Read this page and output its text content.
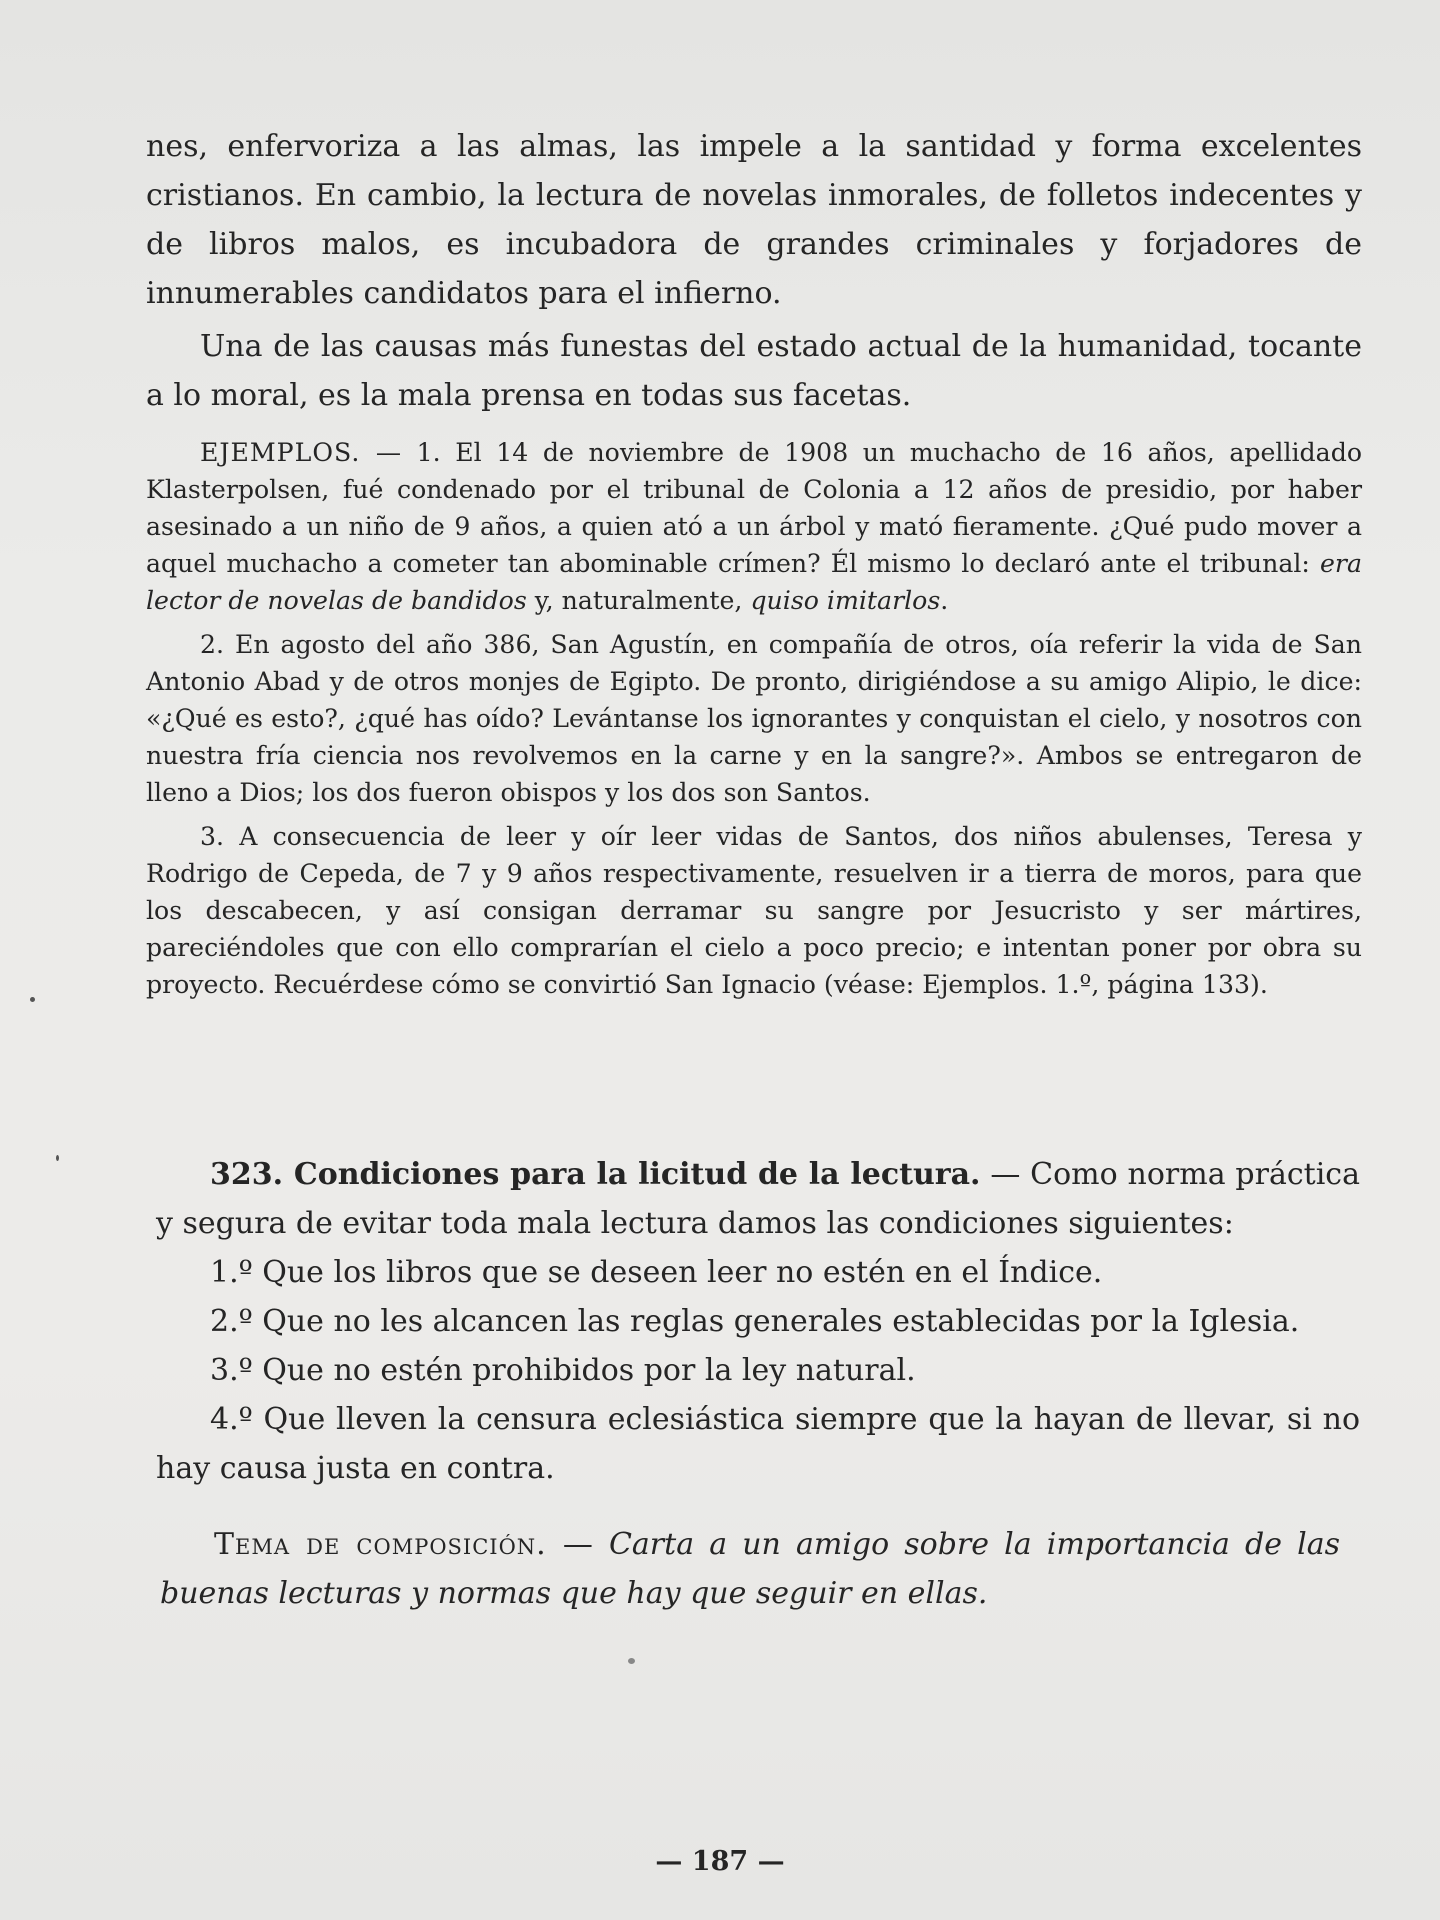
nes, enfervoriza a las almas, las impele a la santidad y forma excelentes cristianos. En cambio, la lectura de novelas inmorales, de folletos indecentes y de libros malos, es incubadora de grandes criminales y forjadores de innumerables candidatos para el infierno.

Una de las causas más funestas del estado actual de la humanidad, tocante a lo moral, es la mala prensa en todas sus facetas.

EJEMPLOS. — 1. El 14 de noviembre de 1908 un muchacho de 16 años, apellidado Klasterpolsen, fué condenado por el tribunal de Colonia a 12 años de presidio, por haber asesinado a un niño de 9 años, a quien ató a un árbol y mató fieramente. ¿Qué pudo mover a aquel muchacho a cometer tan abominable crímen? Él mismo lo declaró ante el tribunal: era lector de novelas de bandidos y, naturalmente, quiso imitarlos.

2. En agosto del año 386, San Agustín, en compañía de otros, oía referir la vida de San Antonio Abad y de otros monjes de Egipto. De pronto, dirigiéndose a su amigo Alipio, le dice: «¿Qué es esto?, ¿qué has oído? Levántanse los ignorantes y conquistan el cielo, y nosotros con nuestra fría ciencia nos revolvemos en la carne y en la sangre?». Ambos se entregaron de lleno a Dios; los dos fueron obispos y los dos son Santos.

3. A consecuencia de leer y oír leer vidas de Santos, dos niños abulenses, Teresa y Rodrigo de Cepeda, de 7 y 9 años respectivamente, resuelven ir a tierra de moros, para que los descabecen, y así consigan derramar su sangre por Jesucristo y ser mártires, pareciéndoles que con ello comprarían el cielo a poco precio; e intentan poner por obra su proyecto. Recuérdese cómo se convirtió San Ignacio (véase: Ejemplos. 1.º, página 133).

323. Condiciones para la licitud de la lectura. — Como norma práctica y segura de evitar toda mala lectura damos las condiciones siguientes:

1.º Que los libros que se deseen leer no estén en el Índice.

2.º Que no les alcancen las reglas generales establecidas por la Iglesia.

3.º Que no estén prohibidos por la ley natural.

4.º Que lleven la censura eclesiástica siempre que la hayan de llevar, si no hay causa justa en contra.

Tema de composición. — Carta a un amigo sobre la importancia de las buenas lecturas y normas que hay que seguir en ellas.

— 187 —
